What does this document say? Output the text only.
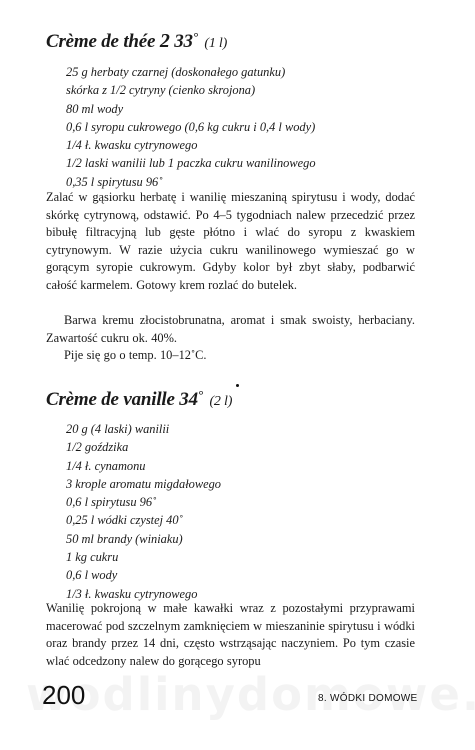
Crème de thée 2 33° (1 l)
25 g herbaty czarnej (doskonałego gatunku)
skórka z 1/2 cytryny (cienko skrojona)
80 ml wody
0,6 l syropu cukrowego (0,6 kg cukru i 0,4 l wody)
1/4 ł. kwasku cytrynowego
1/2 laski wanilii lub 1 paczka cukru wanilinowego
0,35 l spirytusu 96˚

Zalać w gąsiorku herbatę i wanilię mieszaniną spirytusu i wody, dodać skórkę cytrynową, odstawić. Po 4–5 tygodniach nalew przecedzić przez bibułę filtracyjną lub gęste płótno i wlać do syropu z kwaskiem cytrynowym. W razie użycia cukru wanilinowego wymieszać go w gorącym syropie cukrowym. Gdyby kolor był zbyt słaby, podbarwić całość karmelem. Gotowy krem rozlać do butelek.

Barwa kremu złocistobrunatna, aromat i smak swoisty, herbaciany. Zawartość cukru ok. 40%.

Pije się go o temp. 10–12˚C.

Crème de vanille 34° (2 l)
20 g (4 laski) wanilii
1/2 goździka
1/4 ł. cynamonu
3 krople aromatu migdałowego
0,6 l spirytusu 96˚
0,25 l wódki czystej 40˚
50 ml brandy (winiaku)
1 kg cukru
0,6 l wody
1/3 ł. kwasku cytrynowego

Wanilię pokrojoną w małe kawałki wraz z pozostałymi przyprawami macerować pod szczelnym zamknięciem w mieszaninie spirytusu i wódki oraz brandy przez 14 dni, często wstrząsając naczyniem. Po tym czasie wlać odcedzony nalew do gorącego syropu

200	8. WÓDKI DOMOWE
